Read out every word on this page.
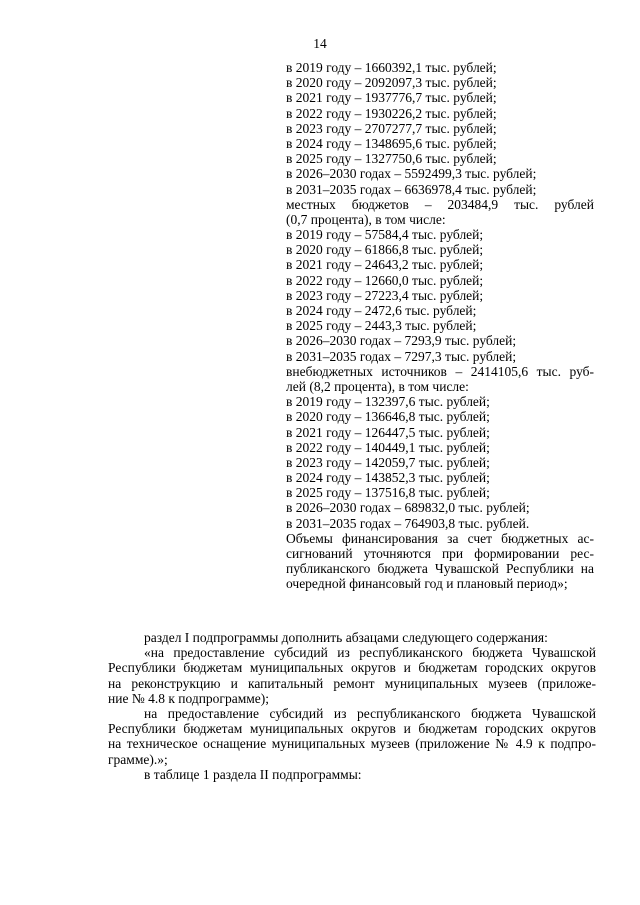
14
в 2019 году – 1660392,1 тыс. рублей;
в 2020 году – 2092097,3 тыс. рублей;
в 2021 году – 1937776,7 тыс. рублей;
в 2022 году – 1930226,2 тыс. рублей;
в 2023 году – 2707277,7 тыс. рублей;
в 2024 году – 1348695,6 тыс. рублей;
в 2025 году – 1327750,6 тыс. рублей;
в 2026–2030 годах – 5592499,3 тыс. рублей;
в 2031–2035 годах – 6636978,4 тыс. рублей;
местных бюджетов – 203484,9 тыс. рублей
(0,7 процента), в том числе:
в 2019 году – 57584,4 тыс. рублей;
в 2020 году – 61866,8 тыс. рублей;
в 2021 году – 24643,2 тыс. рублей;
в 2022 году – 12660,0 тыс. рублей;
в 2023 году – 27223,4 тыс. рублей;
в 2024 году – 2472,6 тыс. рублей;
в 2025 году – 2443,3 тыс. рублей;
в 2026–2030 годах – 7293,9 тыс. рублей;
в 2031–2035 годах – 7297,3 тыс. рублей;
внебюджетных источников – 2414105,6 тыс. руб-
лей (8,2 процента), в том числе:
в 2019 году – 132397,6 тыс. рублей;
в 2020 году – 136646,8 тыс. рублей;
в 2021 году – 126447,5 тыс. рублей;
в 2022 году – 140449,1 тыс. рублей;
в 2023 году – 142059,7 тыс. рублей;
в 2024 году – 143852,3 тыс. рублей;
в 2025 году – 137516,8 тыс. рублей;
в 2026–2030 годах – 689832,0 тыс. рублей;
в 2031–2035 годах – 764903,8 тыс. рублей.
Объемы финансирования за счет бюджетных ас-
сигнований уточняются при формировании рес-
публиканского бюджета Чувашской Республики на
очередной финансовый год и плановый период»;

раздел I подпрограммы дополнить абзацами следующего содержания:

«на предоставление субсидий из республиканского бюджета Чувашской

Республики бюджетам муниципальных округов и бюджетам городских округов

на реконструкцию и капитальный ремонт муниципальных музеев (приложе-

ние № 4.8 к подпрограмме);

на предоставление субсидий из республиканского бюджета Чувашской

Республики бюджетам муниципальных округов и бюджетам городских округов

на техническое оснащение муниципальных музеев (приложение № 4.9 к подпро-

грамме).»;

в таблице 1 раздела II подпрограммы:
